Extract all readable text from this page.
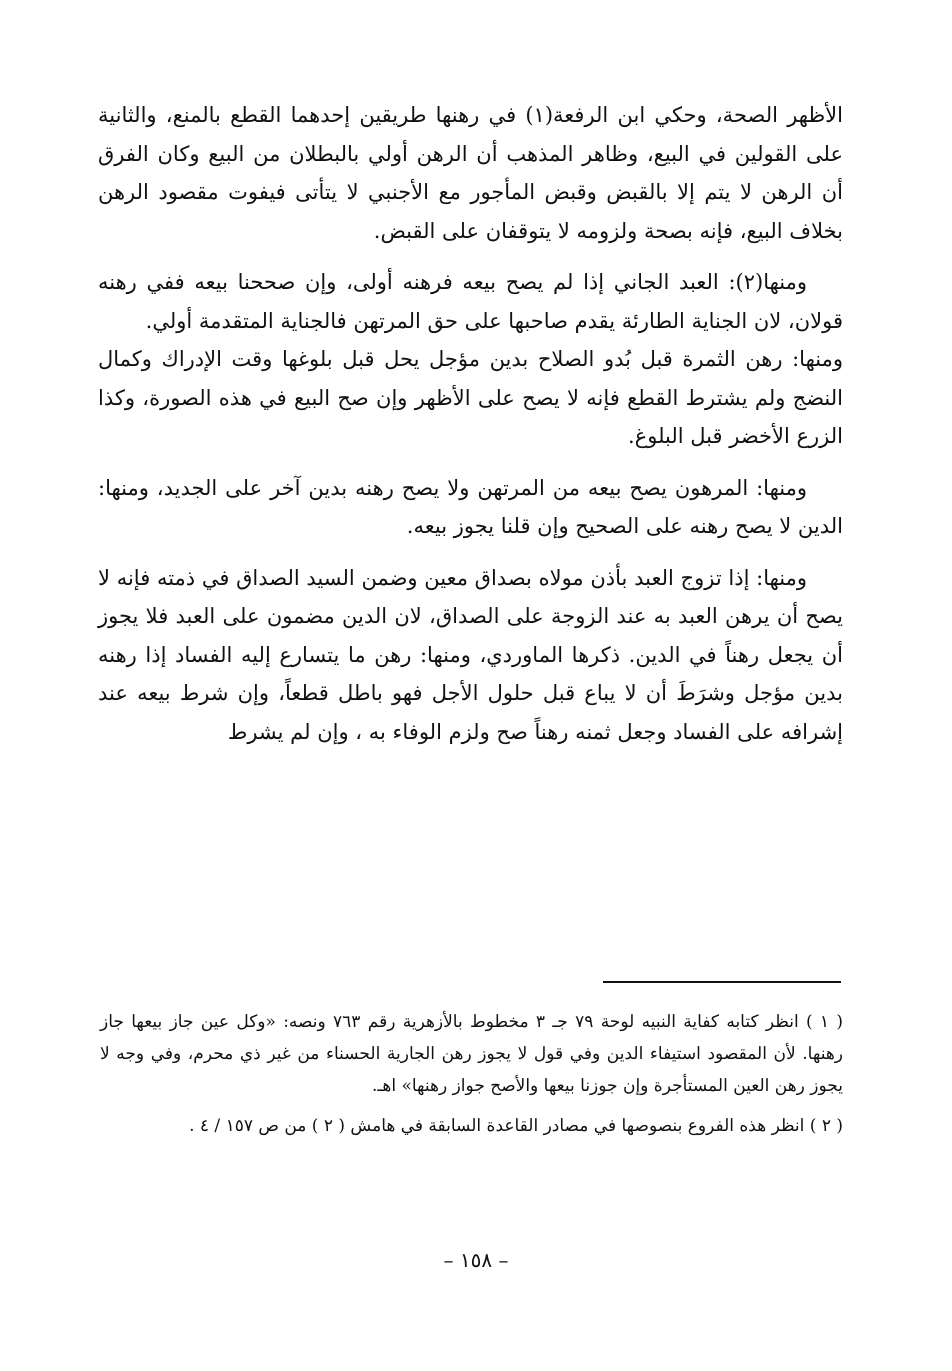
الأظهر الصحة، وحكي ابن الرفعة(١) في رهنها طريقين إحدهما القطع بالمنع، والثانية على القولين في البيع، وظاهر المذهب أن الرهن أولي بالبطلان من البيع وكان الفرق أن الرهن لا يتم إلا بالقبض وقبض المأجور مع الأجنبي لا يتأتى فيفوت مقصود الرهن بخلاف البيع، فإنه بصحة ولزومه لا يتوقفان على القبض.

ومنها(٢): العبد الجاني إذا لم يصح بيعه فرهنه أولى، وإن صححنا بيعه ففي رهنه قولان، لان الجناية الطارئة يقدم صاحبها على حق المرتهن فالجناية المتقدمة أولي.

ومنها: رهن الثمرة قبل بُدو الصلاح بدين مؤجل يحل قبل بلوغها وقت الإدراك وكمال النضج ولم يشترط القطع فإنه لا يصح على الأظهر وإن صح البيع في هذه الصورة، وكذا الزرع الأخضر قبل البلوغ.

ومنها: المرهون يصح بيعه من المرتهن ولا يصح رهنه بدين آخر على الجديد، ومنها: الدين لا يصح رهنه على الصحيح وإن قلنا يجوز بيعه.

ومنها: إذا تزوج العبد بأذن مولاه بصداق معين وضمن السيد الصداق في ذمته فإنه لا يصح أن يرهن العبد به عند الزوجة على الصداق، لان الدين مضمون على العبد فلا يجوز أن يجعل رهناً في الدين. ذكرها الماوردي، ومنها: رهن ما يتسارع إليه الفساد إذا رهنه بدين مؤجل وشرَطَ أن لا يباع قبل حلول الأجل فهو باطل قطعاً، وإن شرط بيعه عند إشرافه على الفساد وجعل ثمنه رهناً صح ولزم الوفاء به ، وإن لم يشرط

( ١ ) انظر كتابه كفاية النبيه لوحة ٧٩ جـ ٣ مخطوط بالأزهرية رقم ٧٦٣ ونصه: «وكل عين جاز بيعها جاز رهنها. لأن المقصود استيفاء الدين وفي قول لا يجوز رهن الجارية الحسناء من غير ذي محرم، وفي وجه لا يجوز رهن العين المستأجرة وإن جوزنا بيعها والأصح جواز رهنها» اهـ.

( ٢ ) انظر هذه الفروع بنصوصها في مصادر القاعدة السابقة في هامش ( ٢ ) من ص ١٥٧ / ٤ .

– ١٥٨ –
